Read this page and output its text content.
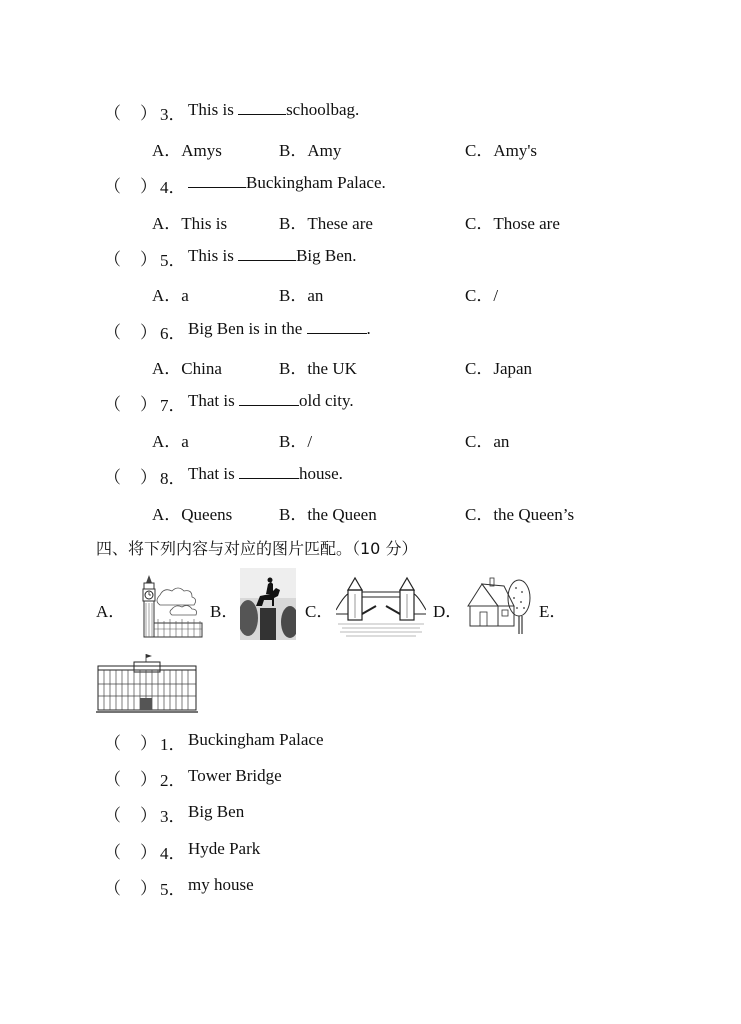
（ ） 3． This is	schoolbag.
A．Amys	B．Amy	C．Amy's
（ ） 4．	Buckingham Palace.
A．This is	B．These are	C．Those are
（ ） 5． This is	Big Ben.
A．a	B．an	C．/
（ ） 6． Big Ben is in the	.
A．China	B．the UK	C．Japan
（ ） 7． That is	old city.
A．a	B．/	C．an
（ ） 8． That is	house.
A．Queens	B．the Queen	C．the Queen’s
四、将下列内容与对应的图片匹配。（10 分）
A．	B．	C．	D．	E．
（ ） 1． Buckingham Palace
（ ） 2． Tower Bridge
（ ） 3． Big Ben
（ ） 4． Hyde Park
（ ） 5． my house
